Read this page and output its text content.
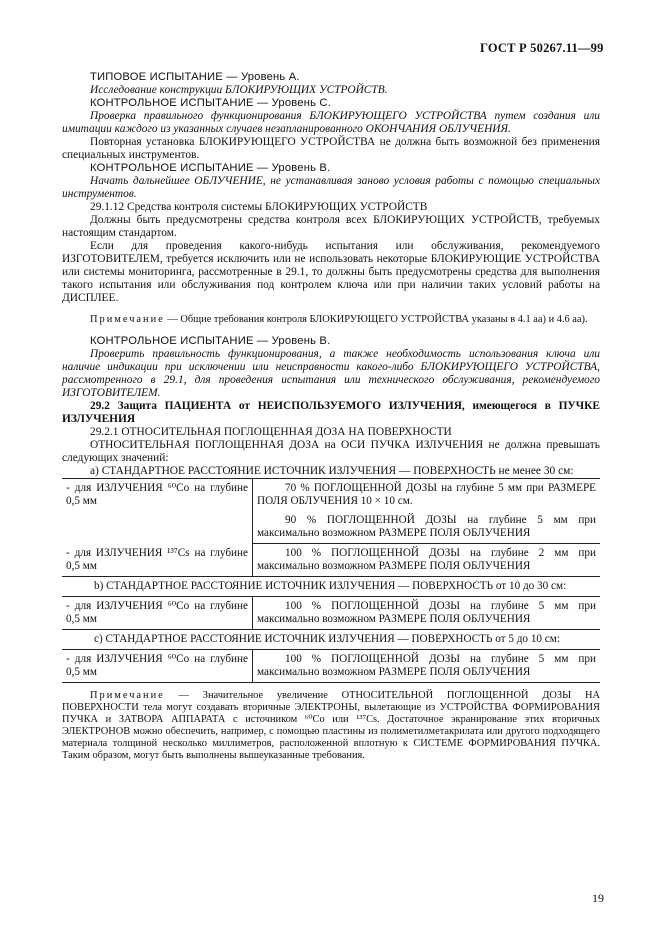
ГОСТ Р 50267.11—99

ТИПОВОЕ ИСПЫТАНИЕ — Уровень А.

Исследование конструкции БЛОКИРУЮЩИХ УСТРОЙСТВ.

КОНТРОЛЬНОЕ ИСПЫТАНИЕ — Уровень С.

Проверка правильного функционирования БЛОКИРУЮЩЕГО УСТРОЙСТВА путем создания или имитации каждого из указанных случаев незапланированного ОКОНЧАНИЯ ОБЛУЧЕНИЯ.

Повторная установка БЛОКИРУЮЩЕГО УСТРОЙСТВА не должна быть возможной без применения специальных инструментов.

КОНТРОЛЬНОЕ ИСПЫТАНИЕ — Уровень В.

Начать дальнейшее ОБЛУЧЕНИЕ, не устанавливая заново условия работы с помощью специальных инструментов.

29.1.12 Средства контроля системы БЛОКИРУЮЩИХ УСТРОЙСТВ

Должны быть предусмотрены средства контроля всех БЛОКИРУЮЩИХ УСТРОЙСТВ, требуемых настоящим стандартом.

Если для проведения какого-нибудь испытания или обслуживания, рекомендуемого ИЗГОТОВИТЕЛЕМ, требуется исключить или не использовать некоторые БЛОКИРУЮЩИЕ УСТРОЙСТВА или системы мониторинга, рассмотренные в 29.1, то должны быть предусмотрены средства для выполнения такого испытания или обслуживания под контролем ключа или при наличии таких условий работы на ДИСПЛЕЕ.

Примечание — Общие требования контроля БЛОКИРУЮЩЕГО УСТРОЙСТВА указаны в 4.1 аа) и 4.6 аа).

КОНТРОЛЬНОЕ ИСПЫТАНИЕ — Уровень В.

Проверить правильность функционирования, а также необходимость использования ключа или наличие индикации при исключении или неисправности какого-либо БЛОКИРУЮЩЕГО УСТРОЙСТВА, рассмотренного в 29.1, для проведения испытания или технического обслуживания, рекомендуемого ИЗГОТОВИТЕЛЕМ.

29.2 Защита ПАЦИЕНТА от НЕИСПОЛЬЗУЕМОГО ИЗЛУЧЕНИЯ, имеющегося в ПУЧКЕ ИЗЛУЧЕНИЯ

29.2.1 ОТНОСИТЕЛЬНАЯ ПОГЛОЩЕННАЯ ДОЗА НА ПОВЕРХНОСТИ

ОТНОСИТЕЛЬНАЯ ПОГЛОЩЕННАЯ ДОЗА на ОСИ ПУЧКА ИЗЛУЧЕНИЯ не должна превышать следующих значений:

а) СТАНДАРТНОЕ РАССТОЯНИЕ ИСТОЧНИК ИЗЛУЧЕНИЯ — ПОВЕРХНОСТЬ не менее 30 см:

- для ИЗЛУЧЕНИЯ ⁶⁰Со на глубине 0,5 мм	70 % ПОГЛОЩЕННОЙ ДОЗЫ на глубине 5 мм при РАЗМЕРЕ ПОЛЯ ОБЛУЧЕНИЯ 10 × 10 см.
	90 % ПОГЛОЩЕННОЙ ДОЗЫ на глубине 5 мм при максимально возможном РАЗМЕРЕ ПОЛЯ ОБЛУЧЕНИЯ
- для ИЗЛУЧЕНИЯ ¹³⁷Cs на глубине 0,5 мм	100 % ПОГЛОЩЕННОЙ ДОЗЫ на глубине 2 мм при максимально возможном РАЗМЕРЕ ПОЛЯ ОБЛУЧЕНИЯ
b) СТАНДАРТНОЕ РАССТОЯНИЕ ИСТОЧНИК ИЗЛУЧЕНИЯ — ПОВЕРХНОСТЬ от 10 до 30 см:	
- для ИЗЛУЧЕНИЯ ⁶⁰Со на глубине 0,5 мм	100 % ПОГЛОЩЕННОЙ ДОЗЫ на глубине 5 мм при максимально возможном РАЗМЕРЕ ПОЛЯ ОБЛУЧЕНИЯ
с) СТАНДАРТНОЕ РАССТОЯНИЕ ИСТОЧНИК ИЗЛУЧЕНИЯ — ПОВЕРХНОСТЬ от 5 до 10 см:	
- для ИЗЛУЧЕНИЯ ⁶⁰Со на глубине 0,5 мм	100 % ПОГЛОЩЕННОЙ ДОЗЫ на глубине 5 мм при максимально возможном РАЗМЕРЕ ПОЛЯ ОБЛУЧЕНИЯ

Примечание — Значительное увеличение ОТНОСИТЕЛЬНОЙ ПОГЛОЩЕННОЙ ДОЗЫ НА ПОВЕРХНОСТИ тела могут создавать вторичные ЭЛЕКТРОНЫ, вылетающие из УСТРОЙСТВА ФОРМИРОВАНИЯ ПУЧКА и ЗАТВОРА АППАРАТА с источником ⁶⁰Со или ¹³⁷Cs. Достаточное экранирование этих вторичных ЭЛЕКТРОНОВ можно обеспечить, например, с помощью пластины из полиметилметакрилата или другого подходящего материала толщиной несколько миллиметров, расположенной вплотную к СИСТЕМЕ ФОРМИРОВАНИЯ ПУЧКА. Таким образом, могут быть выполнены вышеуказанные требования.

19
